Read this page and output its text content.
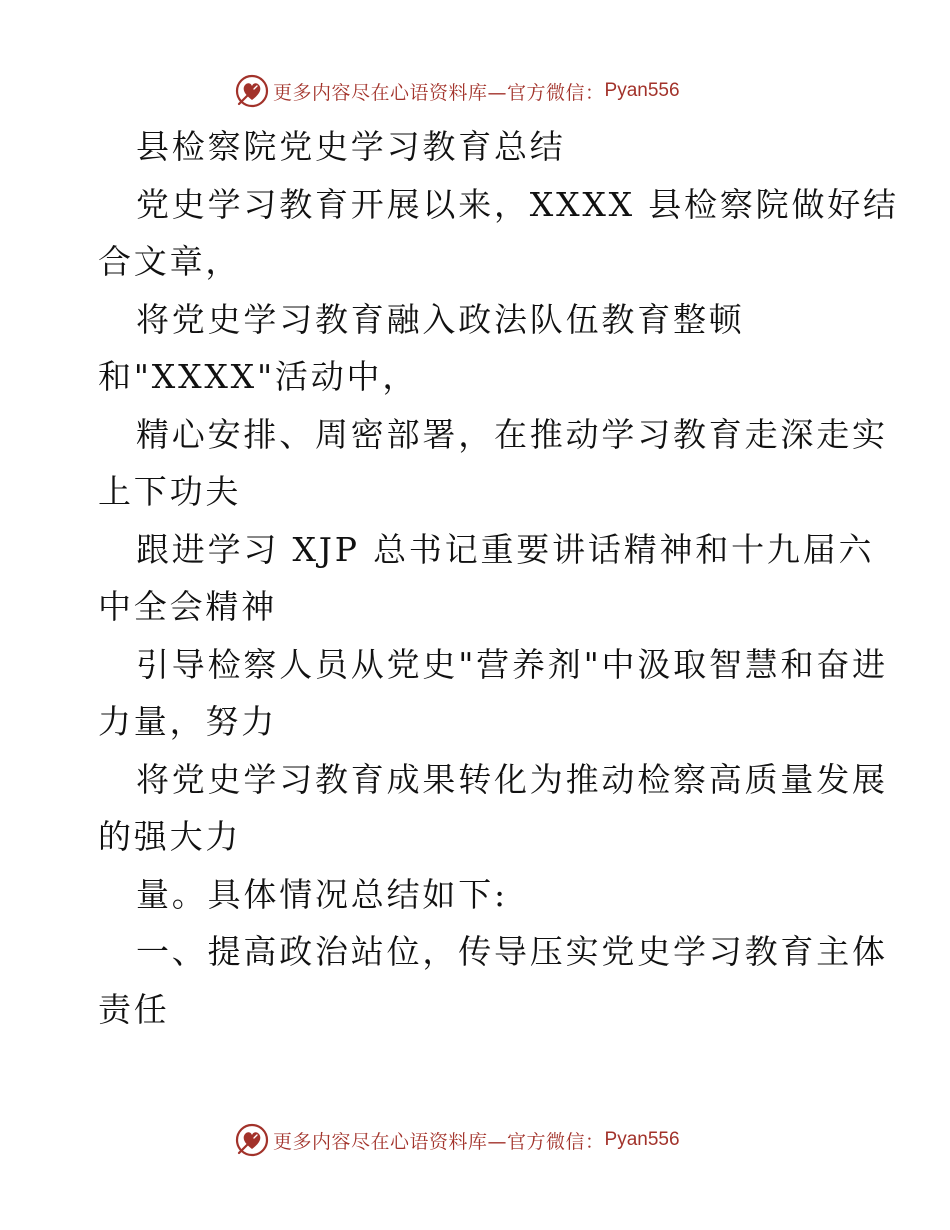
更多内容尽在心语资料库—官方微信： Pyan556
县检察院党史学习教育总结
党史学习教育开展以来，XXXX 县检察院做好结
合文章，
将党史学习教育融入政法队伍教育整顿
和"XXXX"活动中，
精心安排、周密部署，在推动学习教育走深走实
上下功夫
跟进学习 XJP 总书记重要讲话精神和十九届六
中全会精神
引导检察人员从党史"营养剂"中汲取智慧和奋进
力量，努力
将党史学习教育成果转化为推动检察高质量发展
的强大力
量。具体情况总结如下:
一、提高政治站位，传导压实党史学习教育主体
责任
更多内容尽在心语资料库—官方微信： Pyan556
